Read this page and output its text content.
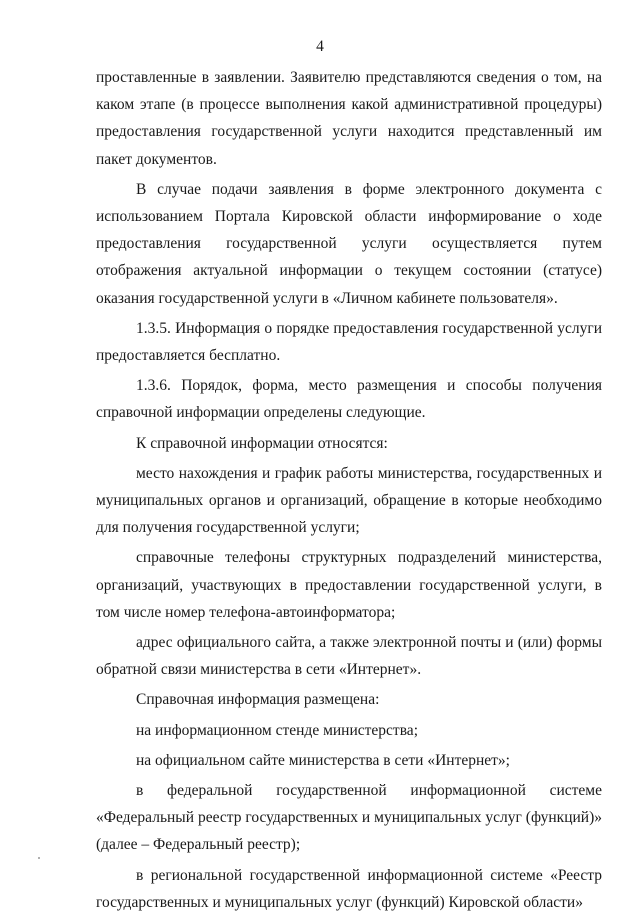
4

проставленные в заявлении. Заявителю представляются сведения о том, на каком этапе (в процессе выполнения какой административной процедуры) предоставления государственной услуги находится представленный им пакет документов.

В случае подачи заявления в форме электронного документа с использованием Портала Кировской области информирование о ходе предоставления государственной услуги осуществляется путем отображения актуальной информации о текущем состоянии (статусе) оказания государственной услуги в «Личном кабинете пользователя».

1.3.5. Информация о порядке предоставления государственной услуги предоставляется бесплатно.

1.3.6. Порядок, форма, место размещения и способы получения справочной информации определены следующие.

К справочной информации относятся:

место нахождения и график работы министерства, государственных и муниципальных органов и организаций, обращение в которые необходимо для получения государственной услуги;

справочные телефоны структурных подразделений министерства, организаций, участвующих в предоставлении государственной услуги, в том числе номер телефона-автоинформатора;

адрес официального сайта, а также электронной почты и (или) формы обратной связи министерства в сети «Интернет».

Справочная информация размещена:

на информационном стенде министерства;

на официальном сайте министерства в сети «Интернет»;

в федеральной государственной информационной системе «Федеральный реестр государственных и муниципальных услуг (функций)» (далее – Федеральный реестр);

в региональной государственной информационной системе «Реестр государственных и муниципальных услуг (функций) Кировской области»
